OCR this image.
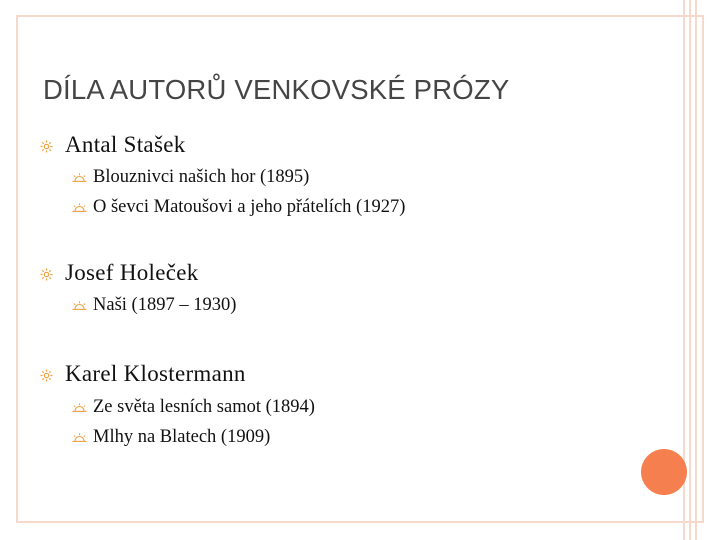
DÍLA AUTORŮ VENKOVSKÉ PRÓZY
Antal Stašek
Blouznivci našich hor (1895)
O ševci Matoušovi a jeho přátelích (1927)
Josef Holeček
Naši (1897 – 1930)
Karel Klostermann
Ze světa lesních samot (1894)
Mlhy na Blatech (1909)
